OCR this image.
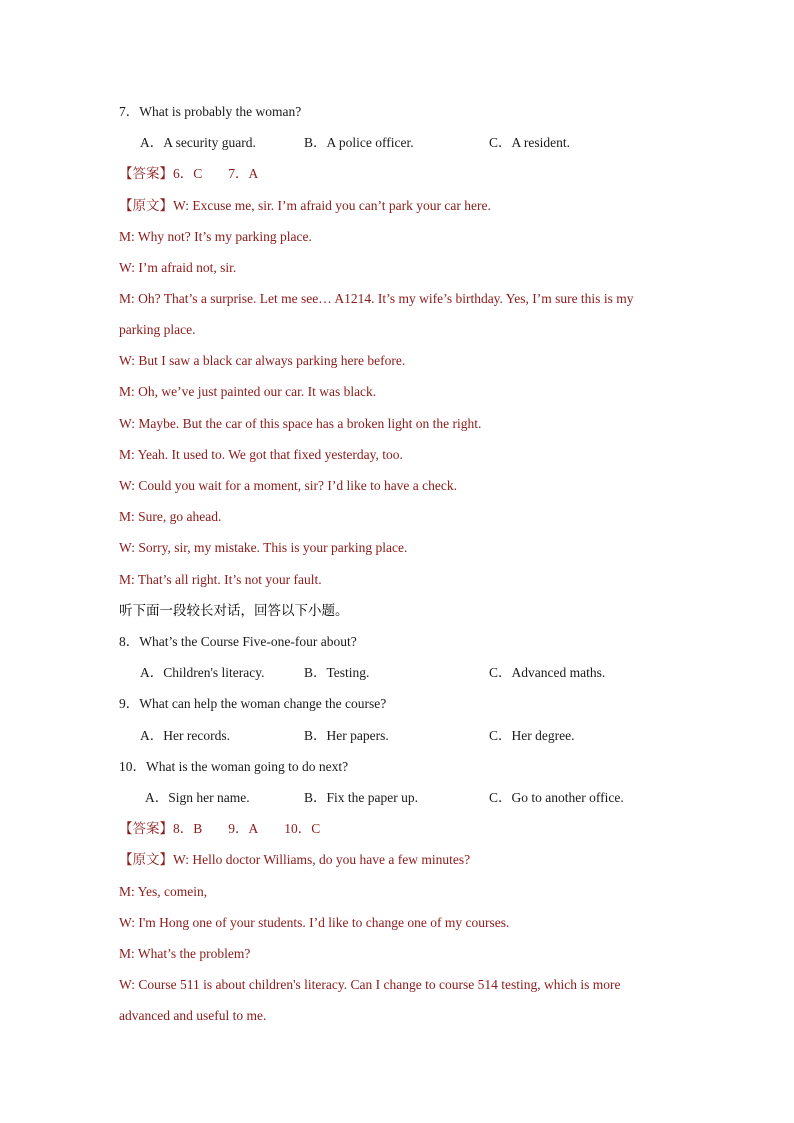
7．What is probably the woman?
A．A security guard.	B．A police officer.	C．A resident.
【答案】6．C 7．A
【原文】W: Excuse me, sir. I’m afraid you can’t park your car here.
M: Why not? It’s my parking place.
W: I’m afraid not, sir.
M: Oh? That’s a surprise. Let me see… A1214. It’s my wife’s birthday. Yes, I’m sure this is my
parking place.
W: But I saw a black car always parking here before.
M: Oh, we’ve just painted our car. It was black.
W: Maybe. But the car of this space has a broken light on the right.
M: Yeah. It used to. We got that fixed yesterday, too.
W: Could you wait for a moment, sir? I’d like to have a check.
M: Sure, go ahead.
W: Sorry, sir, my mistake. This is your parking place.
M: That’s all right. It’s not your fault.
听下面一段较长对话，回答以下小题。
8．What’s the Course Five-one-four about?
A．Children's literacy.	B．Testing.	C．Advanced maths.
9．What can help the woman change the course?
A．Her records.	B．Her papers.	C．Her degree.
10．What is the woman going to do next?
A．Sign her name.	B．Fix the paper up.	C．Go to another office.
【答案】8．B 9．A 10．C
【原文】W: Hello doctor Williams, do you have a few minutes?
M: Yes, comein,
W: I'm Hong one of your students. I’d like to change one of my courses.
M: What’s the problem?
W: Course 511 is about children's literacy. Can I change to course 514 testing, which is more
advanced and useful to me.
